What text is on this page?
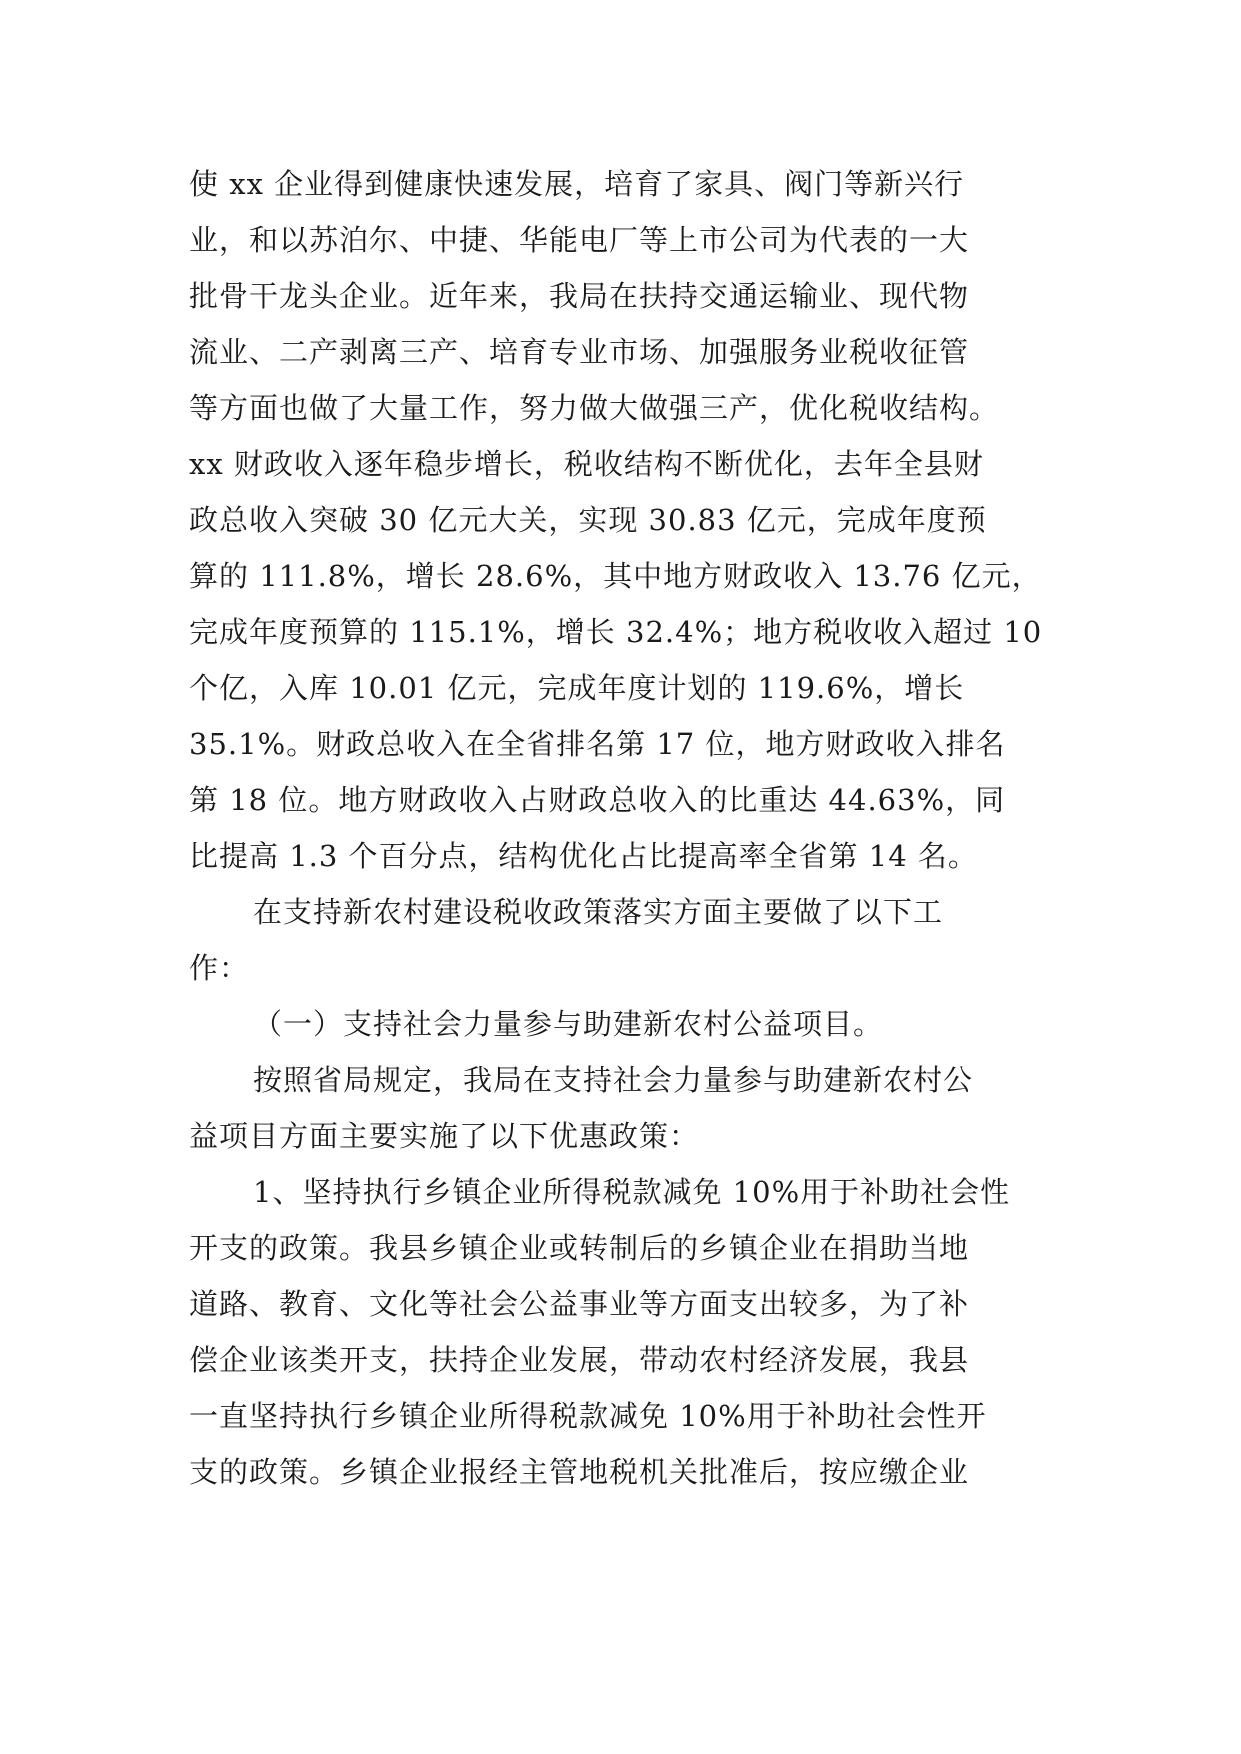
使 xx 企业得到健康快速发展，培育了家具、阀门等新兴行
业，和以苏泊尔、中捷、华能电厂等上市公司为代表的一大
批骨干龙头企业。近年来，我局在扶持交通运输业、现代物
流业、二产剥离三产、培育专业市场、加强服务业税收征管
等方面也做了大量工作，努力做大做强三产，优化税收结构。
xx 财政收入逐年稳步增长，税收结构不断优化，去年全县财
政总收入突破 30 亿元大关，实现 30.83 亿元，完成年度预
算的 111.8%，增长 28.6%，其中地方财政收入 13.76 亿元，
完成年度预算的 115.1%，增长 32.4%；地方税收收入超过 10
个亿，入库 10.01 亿元，完成年度计划的 119.6%，增长
35.1%。财政总收入在全省排名第 17 位，地方财政收入排名
第 18 位。地方财政收入占财政总收入的比重达 44.63%，同
比提高 1.3 个百分点，结构优化占比提高率全省第 14 名。
在支持新农村建设税收政策落实方面主要做了以下工
作：
（一）支持社会力量参与助建新农村公益项目。
按照省局规定，我局在支持社会力量参与助建新农村公
益项目方面主要实施了以下优惠政策：
1、坚持执行乡镇企业所得税款减免 10%用于补助社会性
开支的政策。我县乡镇企业或转制后的乡镇企业在捐助当地
道路、教育、文化等社会公益事业等方面支出较多，为了补
偿企业该类开支，扶持企业发展，带动农村经济发展，我县
一直坚持执行乡镇企业所得税款减免 10%用于补助社会性开
支的政策。乡镇企业报经主管地税机关批准后，按应缴企业
